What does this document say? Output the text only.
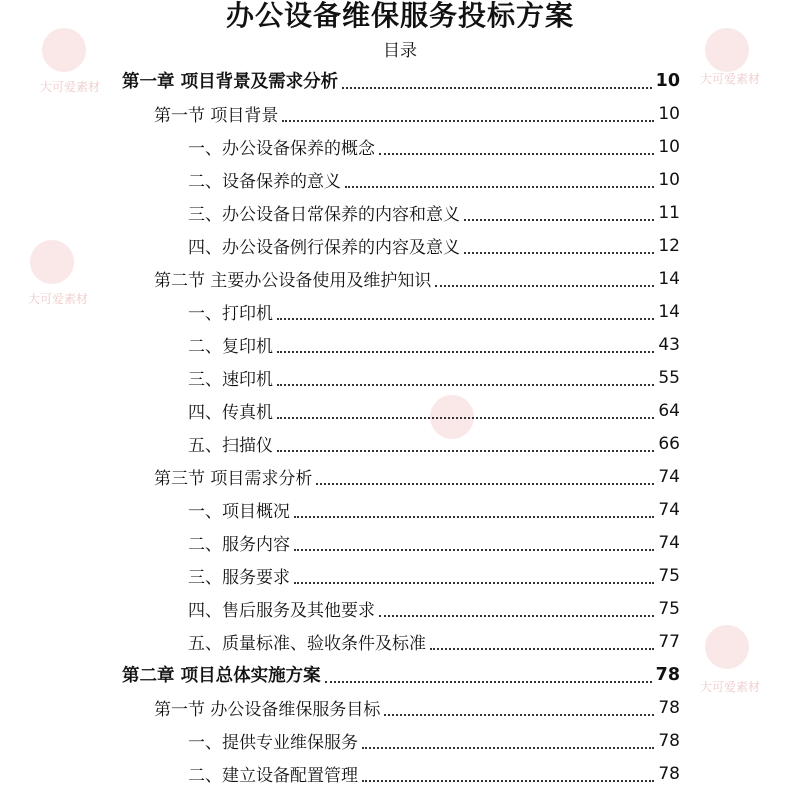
大可爱素材
大可爱素材
大可爱素材
大可爱素材
办公设备维保服务投标方案
目录
第一章 项目背景及需求分析	10
第一节 项目背景	10
一、办公设备保养的概念	10
二、设备保养的意义	10
三、办公设备日常保养的内容和意义	11
四、办公设备例行保养的内容及意义	12
第二节 主要办公设备使用及维护知识	14
一、打印机	14
二、复印机	43
三、速印机	55
四、传真机	64
五、扫描仪	66
第三节 项目需求分析	74
一、项目概况	74
二、服务内容	74
三、服务要求	75
四、售后服务及其他要求	75
五、质量标准、验收条件及标准	77
第二章 项目总体实施方案	78
第一节 办公设备维保服务目标	78
一、提供专业维保服务	78
二、建立设备配置管理	78
